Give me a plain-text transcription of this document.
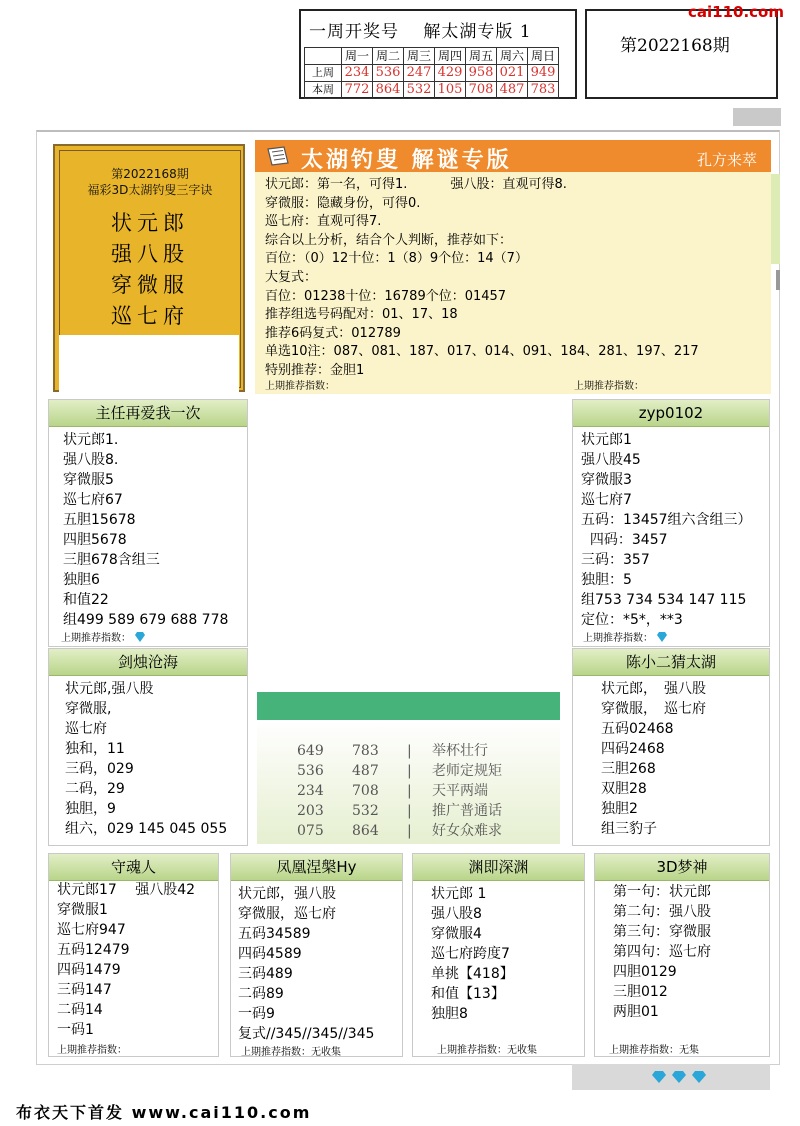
一周开奖号　 解太湖专版 1
	周一	周二	周三	周四	周五	周六	周日
上周	234	536	247	429	958	021	949
本周	772	864	532	105	708	487	783
第2022168期
cai110.com
第2022168期
福彩3D太湖钓叟三字诀
状元郎
强八股
穿微服
巡七府
太湖钓叟 解谜专版	孔方来萃
状元郎：第一名，可得1.　　　 强八股：直观可得8.
穿微服：隐藏身份，可得0.
巡七府：直观可得7.
综合以上分析，结合个人判断，推荐如下：
百位：（0）12十位：1（8）9个位：14（7）
大复式：
百位：01238十位：16789个位：01457
推荐组选号码配对：01、17、18
推荐6码复式：012789
单选10注：087、081、187、017、014、091、184、281、197、217
特别推荐：金胆1
上期推荐指数：	上期推荐指数：
主任再爱我一次
状元郎1.
强八股8.
穿微服5
巡七府67
五胆15678
四胆5678
三胆678含组三
独胆6
和值22
组499 589 679 688 778
上期推荐指数：
zyp0102
状元郎1
强八股45
穿微服3
巡七府7
五码：13457组六含组三）
四码：3457
三码：357
独胆：5
组753 734 534 147 115
定位：*5*，**3
上期推荐指数：
剑烛沧海
状元郎,强八股
穿微服,
巡七府
独和，11
三码，029
二码，29
独胆，9
组六，029 145 045 055
陈小二猜太湖
状元郎，　强八股
穿微服，　巡七府
五码02468
四码2468
三胆268
双胆28
独胆2
组三豹子
649 783 | 举杯壮行
536 487 | 老师定规矩
234 708 | 天平两端
203 532 | 推广普通话
075 864 | 好女众难求
守魂人
状元郎17　 强八股42
穿微服1
巡七府947
五码12479
四码1479
三码147
二码14
一码1
上期推荐指数：
凤凰涅槃Hy
状元郎，强八股
穿微服，巡七府
五码34589
四码4589
三码489
二码89
一码9
复式//345//345//345
上期推荐指数：无收集
渊即深渊
状元郎 1
强八股8
穿微服4
巡七府跨度7
单挑【418】
和值【13】
独胆8
上期推荐指数：无收集
3D梦神
第一句：状元郎
第二句：强八股
第三句：穿微服
第四句：巡七府
四胆0129
三胆012
两胆01
上期推荐指数：无集
布衣天下首发 www.cai110.com
